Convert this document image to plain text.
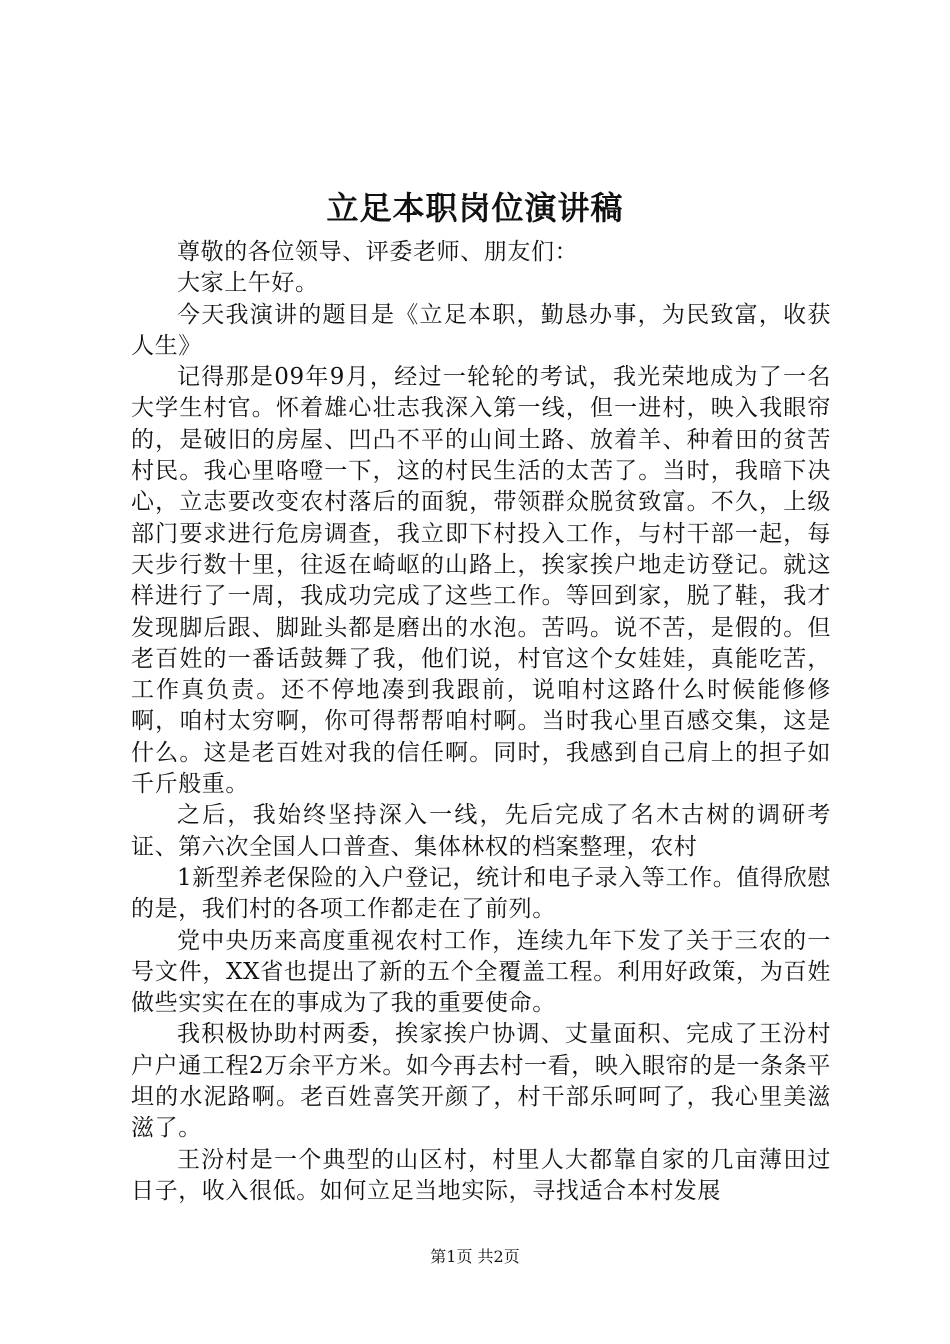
立足本职岗位演讲稿

尊敬的各位领导、评委老师、朋友们：

大家上午好。

今天我演讲的题目是《立足本职，勤恳办事，为民致富，收获人生》

记得那是09年9月，经过一轮轮的考试，我光荣地成为了一名大学生村官。怀着雄心壮志我深入第一线，但一进村，映入我眼帘的，是破旧的房屋、凹凸不平的山间土路、放着羊、种着田的贫苦村民。我心里咯噔一下，这的村民生活的太苦了。当时，我暗下决心，立志要改变农村落后的面貌，带领群众脱贫致富。不久，上级部门要求进行危房调查，我立即下村投入工作，与村干部一起，每天步行数十里，往返在崎岖的山路上，挨家挨户地走访登记。就这样进行了一周，我成功完成了这些工作。等回到家，脱了鞋，我才发现脚后跟、脚趾头都是磨出的水泡。苦吗。说不苦，是假的。但老百姓的一番话鼓舞了我，他们说，村官这个女娃娃，真能吃苦，工作真负责。还不停地凑到我跟前，说咱村这路什么时候能修修啊，咱村太穷啊，你可得帮帮咱村啊。当时我心里百感交集，这是什么。这是老百姓对我的信任啊。同时，我感到自己肩上的担子如千斤般重。

之后，我始终坚持深入一线，先后完成了名木古树的调研考证、第六次全国人口普查、集体林权的档案整理，农村

1新型养老保险的入户登记，统计和电子录入等工作。值得欣慰的是，我们村的各项工作都走在了前列。

党中央历来高度重视农村工作，连续九年下发了关于三农的一号文件，XX省也提出了新的五个全覆盖工程。利用好政策，为百姓做些实实在在的事成为了我的重要使命。

我积极协助村两委，挨家挨户协调、丈量面积、完成了王汾村户户通工程2万余平方米。如今再去村一看，映入眼帘的是一条条平坦的水泥路啊。老百姓喜笑开颜了，村干部乐呵呵了，我心里美滋滋了。

王汾村是一个典型的山区村，村里人大都靠自家的几亩薄田过日子，收入很低。如何立足当地实际，寻找适合本村发展

第1页 共2页
